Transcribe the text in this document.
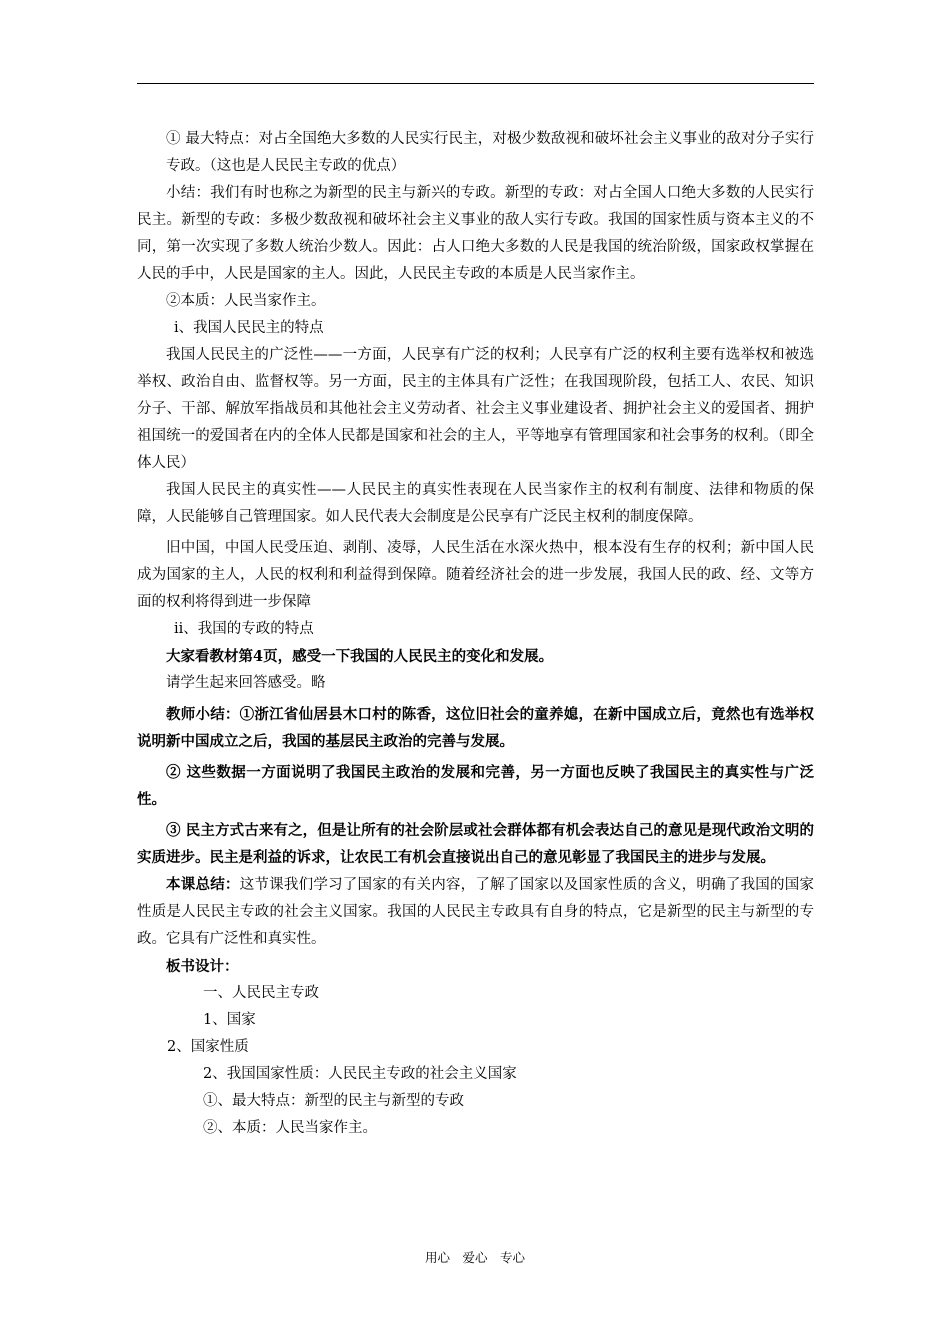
① 最大特点：对占全国绝大多数的人民实行民主，对极少数敌视和破坏社会主义事业的敌对分子实行专政。（这也是人民民主专政的优点）

小结：我们有时也称之为新型的民主与新兴的专政。新型的专政：对占全国人口绝大多数的人民实行民主。新型的专政：多极少数敌视和破坏社会主义事业的敌人实行专政。我国的国家性质与资本主义的不同，第一次实现了多数人统治少数人。因此：占人口绝大多数的人民是我国的统治阶级，国家政权掌握在人民的手中，人民是国家的主人。因此，人民民主专政的本质是人民当家作主。

②本质：人民当家作主。

ⅰ、我国人民民主的特点

我国人民民主的广泛性——一方面，人民享有广泛的权利；人民享有广泛的权利主要有选举权和被选举权、政治自由、监督权等。另一方面，民主的主体具有广泛性；在我国现阶段，包括工人、农民、知识分子、干部、解放军指战员和其他社会主义劳动者、社会主义事业建设者、拥护社会主义的爱国者、拥护祖国统一的爱国者在内的全体人民都是国家和社会的主人，平等地享有管理国家和社会事务的权利。（即全体人民）

我国人民民主的真实性——人民民主的真实性表现在人民当家作主的权利有制度、法律和物质的保障，人民能够自己管理国家。如人民代表大会制度是公民享有广泛民主权利的制度保障。

旧中国，中国人民受压迫、剥削、凌辱，人民生活在水深火热中，根本没有生存的权利；新中国人民成为国家的主人，人民的权利和利益得到保障。随着经济社会的进一步发展，我国人民的政、经、文等方面的权利将得到进一步保障

ⅱ、我国的专政的特点

大家看教材第4页，感受一下我国的人民民主的变化和发展。

请学生起来回答感受。略

教师小结：①浙江省仙居县木口村的陈香，这位旧社会的童养媳，在新中国成立后，竟然也有选举权说明新中国成立之后，我国的基层民主政治的完善与发展。

② 这些数据一方面说明了我国民主政治的发展和完善，另一方面也反映了我国民主的真实性与广泛性。

③ 民主方式古来有之，但是让所有的社会阶层或社会群体都有机会表达自己的意见是现代政治文明的实质进步。民主是利益的诉求，让农民工有机会直接说出自己的意见彰显了我国民主的进步与发展。

本课总结：这节课我们学习了国家的有关内容，了解了国家以及国家性质的含义，明确了我国的国家性质是人民民主专政的社会主义国家。我国的人民民主专政具有自身的特点，它是新型的民主与新型的专政。它具有广泛性和真实性。

板书设计：

一、人民民主专政

1、国家

2、国家性质

2、我国国家性质：人民民主专政的社会主义国家

①、最大特点：新型的民主与新型的专政

②、本质：人民当家作主。

用心　爱心　专心
